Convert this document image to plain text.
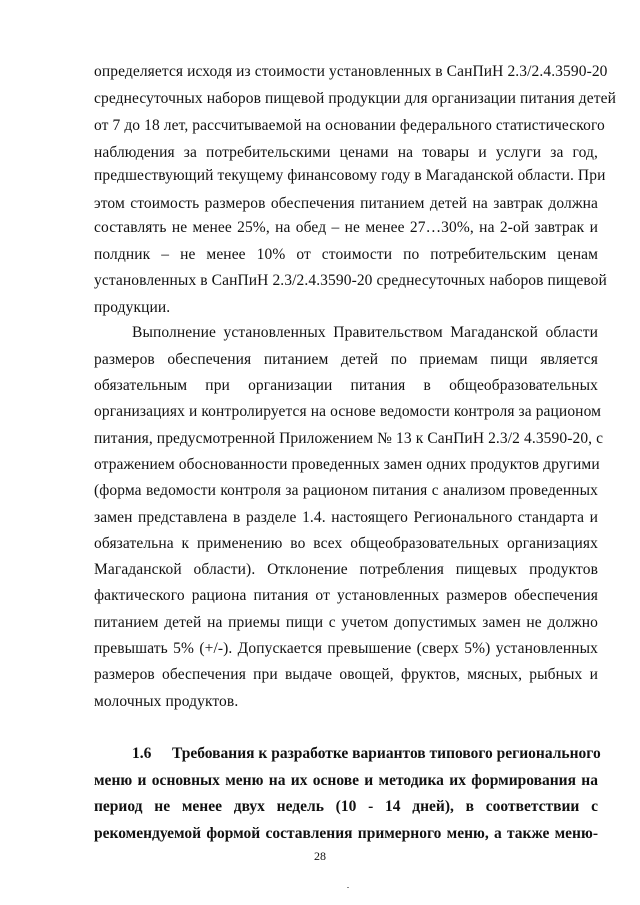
определяется исходя из стоимости установленных в СанПиН 2.3/2.4.3590-20
среднесуточных наборов пищевой продукции для организации питания детей
от 7 до 18 лет, рассчитываемой на основании федерального статистического
наблюдения за потребительскими ценами на товары и услуги за год,
предшествующий текущему финансовому году в Магаданской области. При
этом стоимость размеров обеспечения питанием детей на завтрак должна
составлять не менее 25%, на обед – не менее 27…30%, на 2-ой завтрак и
полдник – не менее 10% от стоимости по потребительским ценам
установленных в СанПиН 2.3/2.4.3590-20 среднесуточных наборов пищевой
продукции.
Выполнение установленных Правительством Магаданской области
размеров обеспечения питанием детей по приемам пищи является
обязательным при организации питания в общеобразовательных
организациях и контролируется на основе ведомости контроля за рационом
питания, предусмотренной Приложением № 13 к СанПиН 2.3/2 4.3590-20, с
отражением обоснованности проведенных замен одних продуктов другими
(форма ведомости контроля за рационом питания с анализом проведенных
замен представлена в разделе 1.4. настоящего Регионального стандарта и
обязательна к применению во всех общеобразовательных организациях
Магаданской области). Отклонение потребления пищевых продуктов
фактического рациона питания от установленных размеров обеспечения
питанием детей на приемы пищи с учетом допустимых замен не должно
превышать 5% (+/-). Допускается превышение (сверх 5%) установленных
размеров обеспечения при выдаче овощей, фруктов, мясных, рыбных и
молочных продуктов.
1.6 Требования к разработке вариантов типового регионального
меню и основных меню на их основе и методика их формирования на
период не менее двух недель (10 - 14 дней), в соответствии с
рекомендуемой формой составления примерного меню, а также меню-
28
